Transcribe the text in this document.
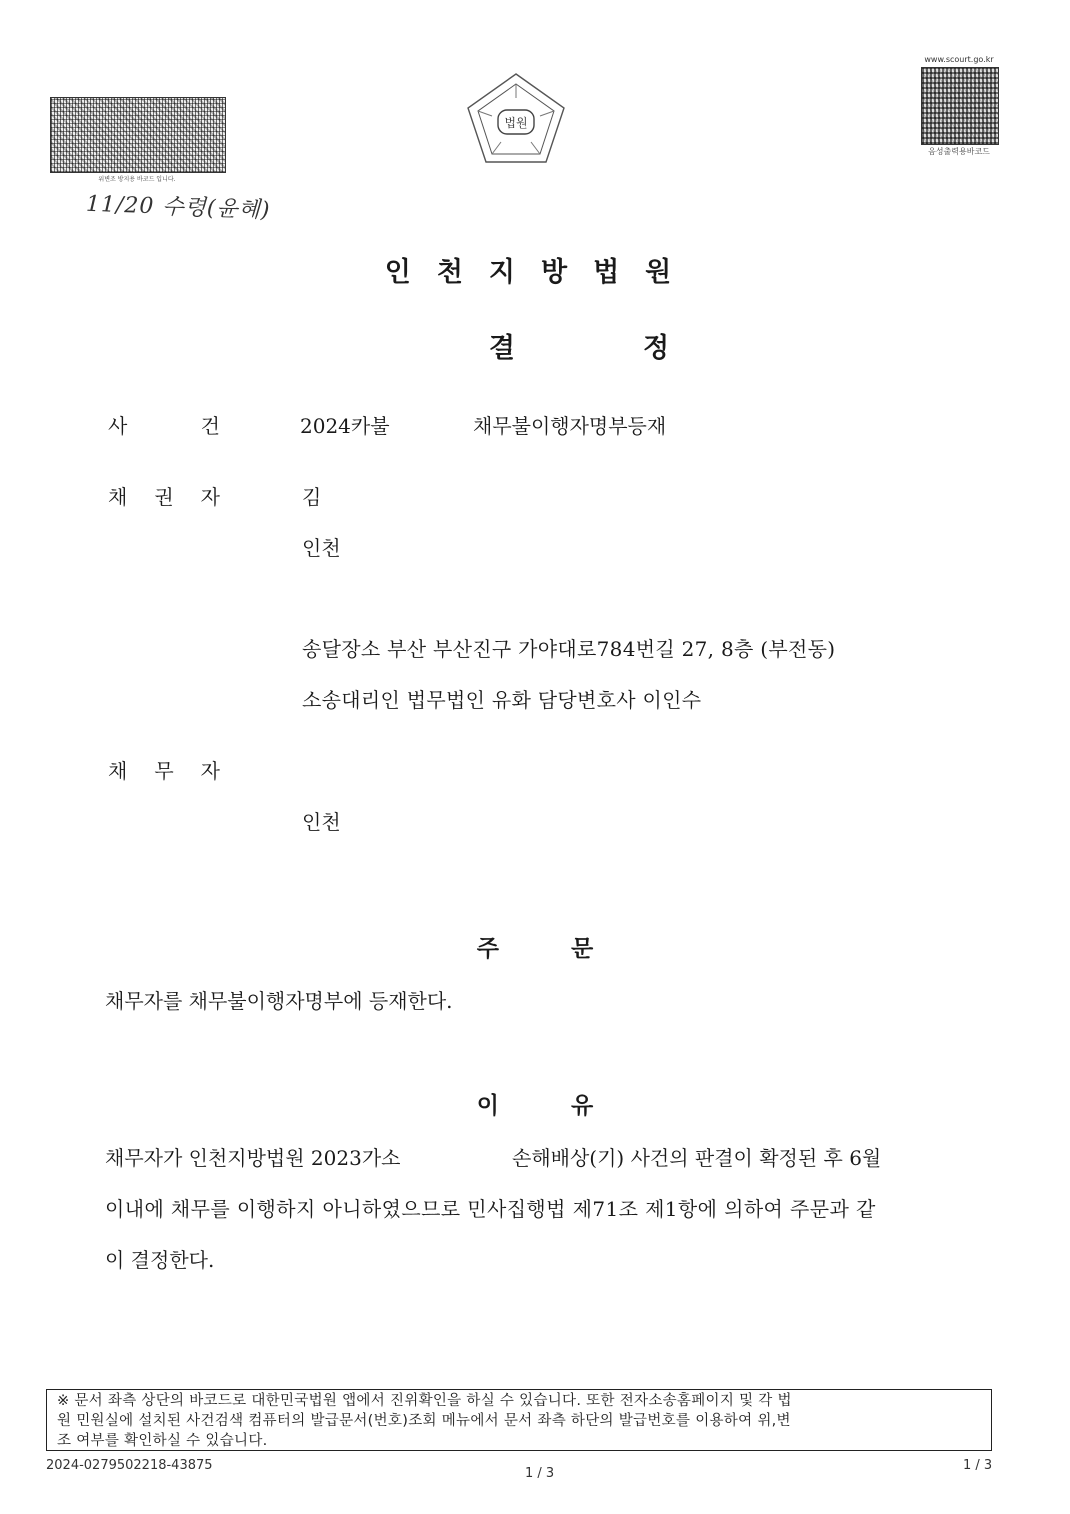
위변조 방지용 바코드 입니다.
11/20 수령(윤혜)
법원
www.scourt.go.kr
음성출력용바코드
인천지방법원
결정
사	건	2024카불	채무불이행자명부등재
채 권 자	김
인천
송달장소 부산 부산진구 가야대로784번길 27, 8층 (부전동)
소송대리인 법무법인 유화 담당변호사 이인수
채 무 자
인천
주	문
채무자를 채무불이행자명부에 등재한다.
이	유
채무자가 인천지방법원 2023가소	손해배상(기) 사건의 판결이 확정된 후 6월
이내에 채무를 이행하지 아니하였으므로 민사집행법 제71조 제1항에 의하여 주문과 같
이 결정한다.
※ 문서 좌측 상단의 바코드로 대한민국법원 앱에서 진위확인을 하실 수 있습니다. 또한 전자소송홈페이지 및 각 법
원 민원실에 설치된 사건검색 컴퓨터의 발급문서(번호)조회 메뉴에서 문서 좌측 하단의 발급번호를 이용하여 위,변
조 여부를 확인하실 수 있습니다.
2024-0279502218-43875
1 / 3
1 / 3
